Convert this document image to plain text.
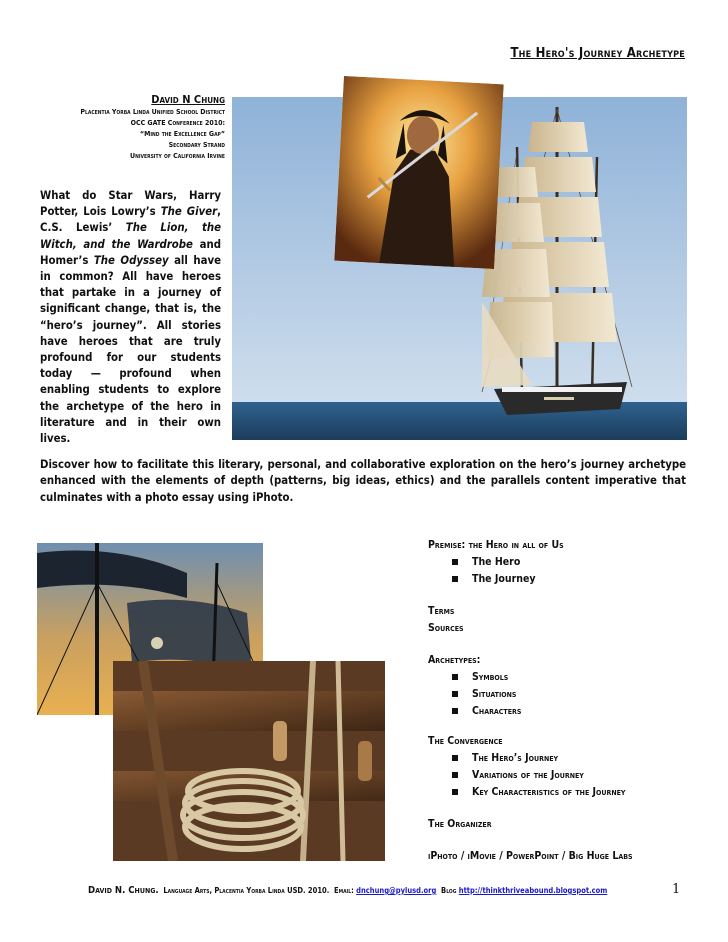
The Hero's Journey Archetype
David N Chung
Placentia Yorba Linda Unified School District
OCC GATE Conference 2010:
“Mind the Excellence Gap”
Secondary Strand
University of California Irvine
What do Star Wars, Harry Potter, Lois Lowry’s The Giver, C.S. Lewis’ The Lion, the Witch, and the Wardrobe and Homer’s The Odyssey all have in common? All have heroes that partake in a journey of significant change, that is, the “hero’s journey”. All stories have heroes that are truly profound for our students today — profound when enabling students to explore the archetype of the hero in literature and in their own lives.
Discover how to facilitate this literary, personal, and collaborative exploration on the hero’s journey archetype enhanced with the elements of depth (patterns, big ideas, ethics) and the parallels content imperative that culminates with a photo essay using iPhoto.

Premise: the Hero in all of Us

The Hero
The Journey

Terms

Sources

Archetypes:

Symbols
Situations
Characters

The Convergence

The Hero’s Journey
Variations of the Journey
Key Characteristics of the Journey

The Organizer

iPhoto / iMovie / PowerPoint / Big Huge Labs

David N. Chung. Language Arts, Placentia Yorba Linda USD. 2010. Email: dnchung@pylusd.org Blog http://thinkthriveabound.blogspot.com	1
